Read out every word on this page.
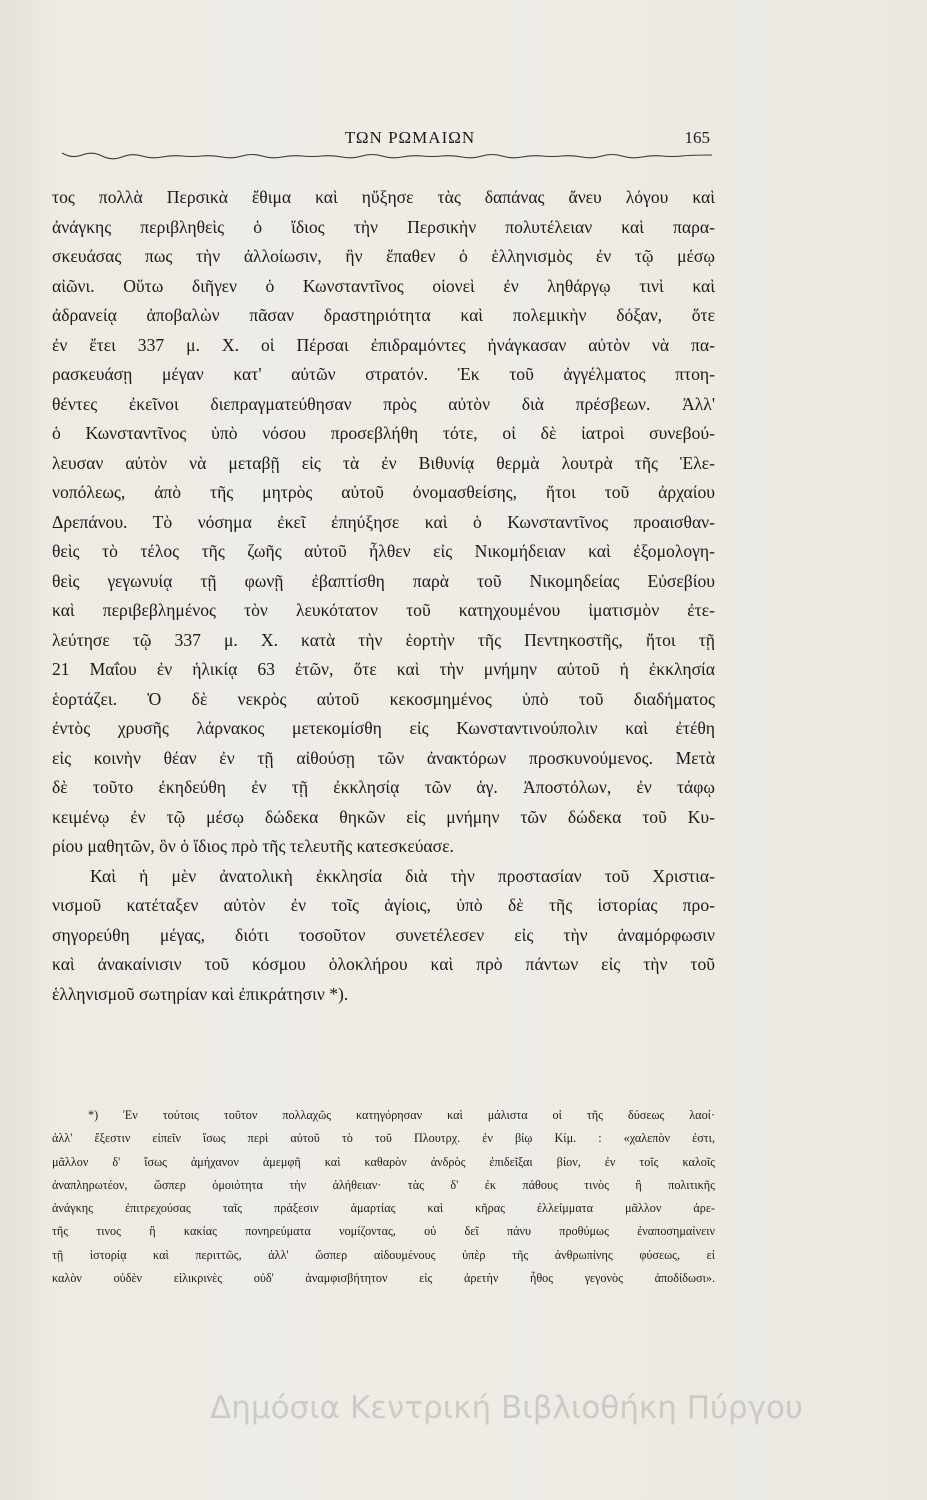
ΤΩΝ ΡΩΜΑΙΩΝ	165
τος πολλὰ Περσικὰ ἔθιμα καὶ ηὔξησε τὰς δαπάνας ἄνευ λόγου καὶ
ἀνάγκης περιβληθεὶς ὁ ἴδιος τὴν Περσικὴν πολυτέλειαν καὶ παρα-
σκευάσας πως τὴν ἀλλοίωσιν, ἣν ἔπαθεν ὁ ἑλληνισμὸς ἐν τῷ μέσῳ
αἰῶνι. Οὕτω διῆγεν ὁ Κωνσταντῖνος οἱονεὶ ἐν ληθάργῳ τινὶ καὶ
ἀδρανείᾳ ἀποβαλὼν πᾶσαν δραστηριότητα καὶ πολεμικὴν δόξαν, ὅτε
ἐν ἔτει 337 μ. Χ. οἱ Πέρσαι ἐπιδραμόντες ἠνάγκασαν αὐτὸν νὰ πα-
ρασκευάσῃ μέγαν κατ' αὐτῶν στρατόν. Ἐκ τοῦ ἀγγέλματος πτοη-
θέντες ἐκεῖνοι διεπραγματεύθησαν πρὸς αὐτὸν διὰ πρέσβεων. Ἀλλ'
ὁ Κωνσταντῖνος ὑπὸ νόσου προσεβλήθη τότε, οἱ δὲ ἰατροὶ συνεβού-
λευσαν αὐτὸν νὰ μεταβῇ εἰς τὰ ἐν Βιθυνίᾳ θερμὰ λουτρὰ τῆς Ἑλε-
νοπόλεως, ἀπὸ τῆς μητρὸς αὐτοῦ ὀνομασθείσης, ἤτοι τοῦ ἀρχαίου
Δρεπάνου. Τὸ νόσημα ἐκεῖ ἐπηύξησε καὶ ὁ Κωνσταντῖνος προαισθαν-
θεὶς τὸ τέλος τῆς ζωῆς αὐτοῦ ἦλθεν εἰς Νικομήδειαν καὶ ἐξομολογη-
θεὶς γεγωνυίᾳ τῇ φωνῇ ἐβαπτίσθη παρὰ τοῦ Νικομηδείας Εὐσεβίου
καὶ περιβεβλημένος τὸν λευκότατον τοῦ κατηχουμένου ἱματισμὸν ἐτε-
λεύτησε τῷ 337 μ. Χ. κατὰ τὴν ἑορτὴν τῆς Πεντηκοστῆς, ἤτοι τῇ
21 Μαΐου ἐν ἡλικίᾳ 63 ἐτῶν, ὅτε καὶ τὴν μνήμην αὐτοῦ ἡ ἐκκλησία
ἑορτάζει. Ὁ δὲ νεκρὸς αὐτοῦ κεκοσμημένος ὑπὸ τοῦ διαδήματος
ἐντὸς χρυσῆς λάρνακος μετεκομίσθη εἰς Κωνσταντινούπολιν καὶ ἐτέθη
εἰς κοινὴν θέαν ἐν τῇ αἰθούσῃ τῶν ἀνακτόρων προσκυνούμενος. Μετὰ
δὲ τοῦτο ἐκηδεύθη ἐν τῇ ἐκκλησίᾳ τῶν ἁγ. Ἀποστόλων, ἐν τάφῳ
κειμένῳ ἐν τῷ μέσῳ δώδεκα θηκῶν εἰς μνήμην τῶν δώδεκα τοῦ Κυ-
ρίου μαθητῶν, ὃν ὁ ἴδιος πρὸ τῆς τελευτῆς κατεσκεύασε.
Καὶ ἡ μὲν ἀνατολικὴ ἐκκλησία διὰ τὴν προστασίαν τοῦ Χριστια-
νισμοῦ κατέταξεν αὐτὸν ἐν τοῖς ἁγίοις, ὑπὸ δὲ τῆς ἱστορίας προ-
σηγορεύθη μέγας, διότι τοσοῦτον συνετέλεσεν εἰς τὴν ἀναμόρφωσιν
καὶ ἀνακαίνισιν τοῦ κόσμου ὁλοκλήρου καὶ πρὸ πάντων εἰς τὴν τοῦ
ἑλληνισμοῦ σωτηρίαν καὶ ἐπικράτησιν *).
*) Ἐν τούτοις τοῦτον πολλαχῶς κατηγόρησαν καὶ μάλιστα οἱ τῆς δύσεως λαοί·
ἀλλ' ἔξεστιν εἰπεῖν ἴσως περὶ αὐτοῦ τὸ τοῦ Πλουτρχ. ἐν βίῳ Κίμ. : «χαλεπὸν ἐστι,
μᾶλλον δ' ἴσως ἀμήχανον ἀμεμφῆ καὶ καθαρὸν ἀνδρὸς ἐπιδεῖξαι βίον, ἐν τοῖς καλοῖς
ἀναπληρωτέον, ὥσπερ ὁμοιότητα τὴν ἀλήθειαν· τὰς δ' ἐκ πάθους τινὸς ἢ πολιτικῆς
ἀνάγκης ἐπιτρεχούσας ταῖς πράξεσιν ἁμαρτίας καὶ κῆρας ἐλλείμματα μᾶλλον ἀρε-
τῆς τινος ἢ κακίας πονηρεύματα νομίζοντας, οὐ δεῖ πάνυ προθύμως ἐναποσημαίνειν
τῇ ἱστορίᾳ καὶ περιττῶς, ἀλλ' ὥσπερ αἰδουμένους ὑπὲρ τῆς ἀνθρωπίνης φύσεως, εἰ
καλὸν οὐδὲν εἰλικρινὲς οὐδ' ἀναμφισβήτητον εἰς ἀρετὴν ἦθος γεγονὸς ἀποδίδωσι».
Δημόσια Κεντρική Βιβλιοθήκη Πύργου
